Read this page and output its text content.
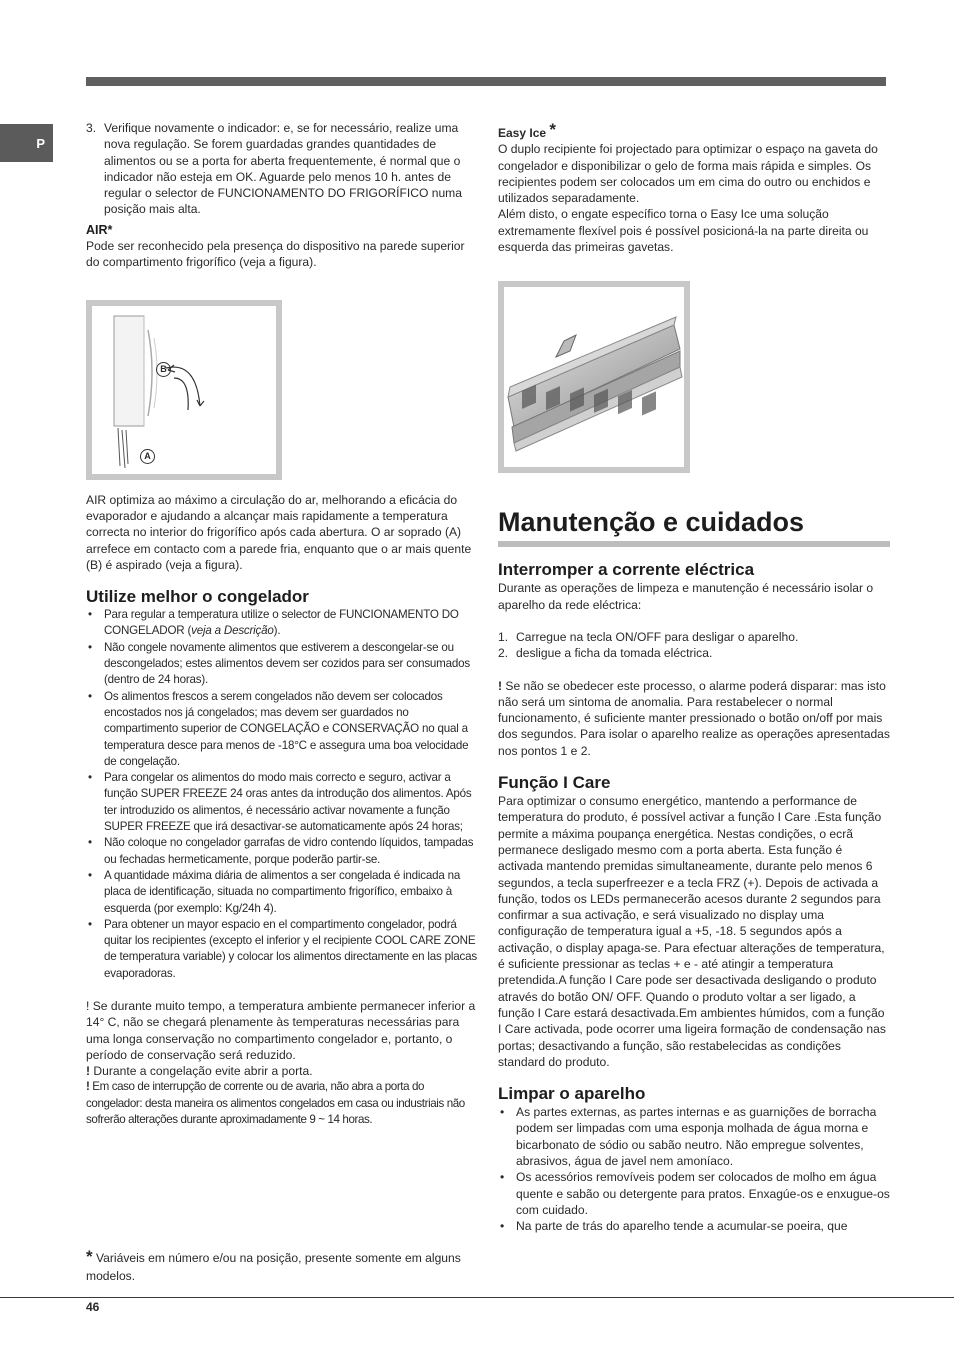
P
3. Verifique novamente o indicador: e, se for necessário, realize uma nova regulação. Se forem guardadas grandes quantidades de alimentos ou se a porta for aberta frequentemente, é normal que o indicador não esteja em OK. Aguarde pelo menos 10 h. antes de regular o selector de FUNCIONAMENTO DO FRIGORÍFICO numa posição mais alta.

AIR*

Pode ser reconhecido pela presença do dispositivo na parede superior do compartimento frigorífico (veja a figura).

B
A

AIR optimiza ao máximo a circulação do ar, melhorando a eficácia do evaporador e ajudando a alcançar mais rapidamente a temperatura correcta no interior do frigorífico após cada abertura. O ar soprado (A) arrefece em contacto com a parede fria, enquanto que o ar mais quente (B) é aspirado (veja a figura).

Utilize melhor o congelador
• Para regular a temperatura utilize o selector de FUNCIONAMENTO DO CONGELADOR (veja a Descrição).
• Não congele novamente alimentos que estiverem a descongelar-se ou descongelados; estes alimentos devem ser cozidos para ser consumados (dentro de 24 horas).
• Os alimentos frescos a serem congelados não devem ser colocados encostados nos já congelados; mas devem ser guardados no compartimento superior de CONGELAÇÃO e CONSERVAÇÃO no qual a temperatura desce para menos de -18°C e assegura uma boa velocidade de congelação.
• Para congelar os alimentos do modo mais correcto e seguro, activar a função SUPER FREEZE 24 oras antes da introdução dos alimentos. Após ter introduzido os alimentos, é necessário activar novamente a função SUPER FREEZE que irá desactivar-se automaticamente após 24 horas;
• Não coloque no congelador garrafas de vidro contendo líquidos, tampadas ou fechadas hermeticamente, porque poderão partir-se.
• A quantidade máxima diária de alimentos a ser congelada é indicada na placa de identificação, situada no compartimento frigorífico, embaixo à esquerda (por exemplo: Kg/24h 4).
• Para obtener un mayor espacio en el compartimento congelador, podrá quitar los recipientes (excepto el inferior y el recipiente COOL CARE ZONE de temperatura variable) y colocar los alimentos directamente en las placas evaporadoras.

! Se durante muito tempo, a temperatura ambiente permanecer inferior a 14° C, não se chegará plenamente às temperaturas necessárias para uma longa conservação no compartimento congelador e, portanto, o período de conservação será reduzido.

! Durante a congelação evite abrir a porta.

! Em caso de interrupção de corrente ou de avaria, não abra a porta do congelador: desta maneira os alimentos congelados em casa ou industriais não sofrerão alterações durante aproximadamente 9 ~ 14 horas.

* Variáveis em número e/ou na posição, presente somente em alguns modelos.

Easy Ice *

O duplo recipiente foi projectado para optimizar o espaço na gaveta do congelador e disponibilizar o gelo de forma mais rápida e simples. Os recipientes podem ser colocados um em cima do outro ou enchidos e utilizados separadamente.

Além disto, o engate específico torna o Easy Ice uma solução extremamente flexível pois é possível posicioná-la na parte direita ou esquerda das primeiras gavetas.

Manutenção e cuidados
Interromper a corrente eléctrica

Durante as operações de limpeza e manutenção é necessário isolar o aparelho da rede eléctrica:

1. Carregue na tecla ON/OFF para desligar o aparelho.

2. desligue a ficha da tomada eléctrica.

! Se não se obedecer este processo, o alarme poderá disparar: mas isto não será um sintoma de anomalia. Para restabelecer o normal funcionamento, é suficiente manter pressionado o botão on/off por mais dos segundos. Para isolar o aparelho realize as operações apresentadas nos pontos 1 e 2.

Função I Care

Para optimizar o consumo energético, mantendo a performance de temperatura do produto, é possível activar a função I Care .Esta função permite a máxima poupança energética. Nestas condições, o ecrã permanece desligado mesmo com a porta aberta. Esta função é activada mantendo premidas simultaneamente, durante pelo menos 6 segundos, a tecla superfreezer e a tecla FRZ (+). Depois de activada a função, todos os LEDs permanecerão acesos durante 2 segundos para confirmar a sua activação, e será visualizado no display uma configuração de temperatura igual a +5, -18. 5 segundos após a activação, o display apaga-se. Para efectuar alterações de temperatura, é suficiente pressionar as teclas + e - até atingir a temperatura pretendida.A função I Care pode ser desactivada desligando o produto através do botão ON/ OFF. Quando o produto voltar a ser ligado, a função I Care estará desactivada.Em ambientes húmidos, com a função I Care activada, pode ocorrer uma ligeira formação de condensação nas portas; desactivando a função, são restabelecidas as condições standard do produto.

Limpar o aparelho
• As partes externas, as partes internas e as guarnições de borracha podem ser limpadas com uma esponja molhada de água morna e bicarbonato de sódio ou sabão neutro. Não empregue solventes, abrasivos, água de javel nem amoníaco.
• Os acessórios removíveis podem ser colocados de molho em água quente e sabão ou detergente para pratos. Enxagúe-os e enxugue-os com cuidado.
• Na parte de trás do aparelho tende a acumular-se poeira, que
46
